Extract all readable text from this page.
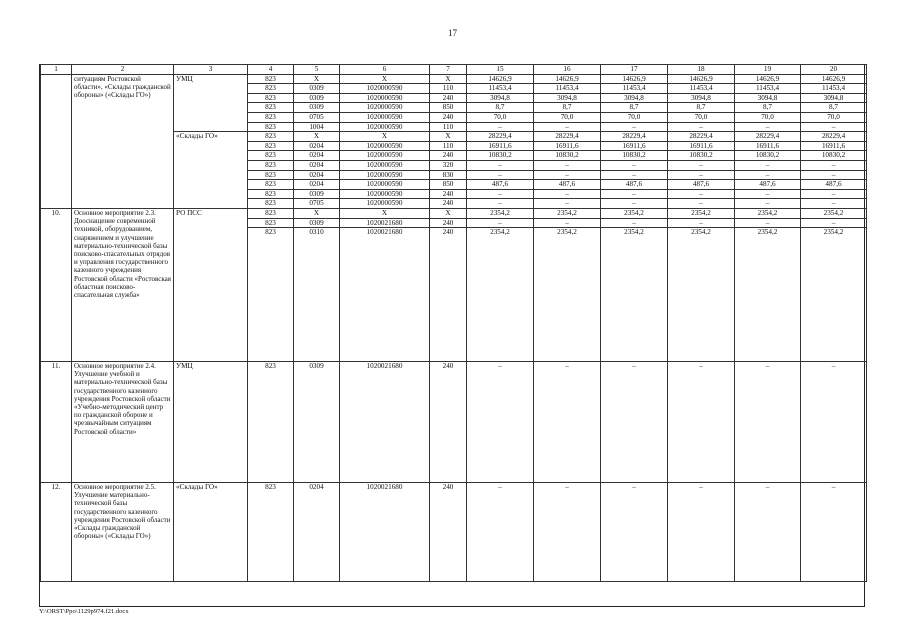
17
1	2	3	4	5	6	7	15	16	17	18	19	20
	ситуациям Ростовской области», «Склады гражданской обороны» («Склады ГО»)	УМЦ	823	Х	Х	Х	14626,9	14626,9	14626,9	14626,9	14626,9	14626,9
			823	0309	1020000590	110	11453,4	11453,4	11453,4	11453,4	11453,4	11453,4
			823	0309	1020000590	240	3094,8	3094,8	3094,8	3094,8	3094,8	3094,8
			823	0309	1020000590	850	8,7	8,7	8,7	8,7	8,7	8,7
			823	0705	1020000590	240	70,0	70,0	70,0	70,0	70,0	70,0
			823	1004	1020000590	110	–	–	–	–	–	–
		«Склады ГО»	823	Х	Х	Х	28229,4	28229,4	28229,4	28229,4	28229,4	28229,4
			823	0204	1020000590	110	16911,6	16911,6	16911,6	16911,6	16911,6	16911,6
			823	0204	1020000590	240	10830,2	10830,2	10830,2	10830,2	10830,2	10830,2
			823	0204	1020000590	320	–	–	–	–	–	–
			823	0204	1020000590	830	–	–	–	–	–	–
			823	0204	1020000590	850	487,6	487,6	487,6	487,6	487,6	487,6
			823	0309	1020000590	240	–	–	–	–	–	–
			823	0705	1020000590	240	–	–	–	–	–	–
10.	Основное мероприятие 2.3. Дооснащение современной техникой, оборудованием, снаряжением и улучшение материально-технической базы поисково-спасательных отрядов и управления государственного казенного учреждения Ростовской области «Ростовская областная поисково-спасательная служба»	РО ПСС	823	Х	Х	Х	2354,2	2354,2	2354,2	2354,2	2354,2	2354,2
			823	0309	1020021680	240	–	–	–	–	–	–
			823	0310	1020021680	240	2354,2	2354,2	2354,2	2354,2	2354,2	2354,2
11.	Основное мероприятие 2.4. Улучшение учебной и материально-технической базы государственного казенного учреждения Ростовской области «Учебно-методический центр по гражданской обороне и чрезвычайным ситуациям Ростовской области»	УМЦ	823	0309	1020021680	240	–	–	–	–	–	–
12.	Основное мероприятие 2.5. Улучшение материально-технической базы государственного казенного учреждения Ростовской области «Склады гражданской обороны» («Склады ГО»)	«Склады ГО»	823	0204	1020021680	240	–	–	–	–	–	–
Y:\ORST\Ppo\1129p974.f21.docx
